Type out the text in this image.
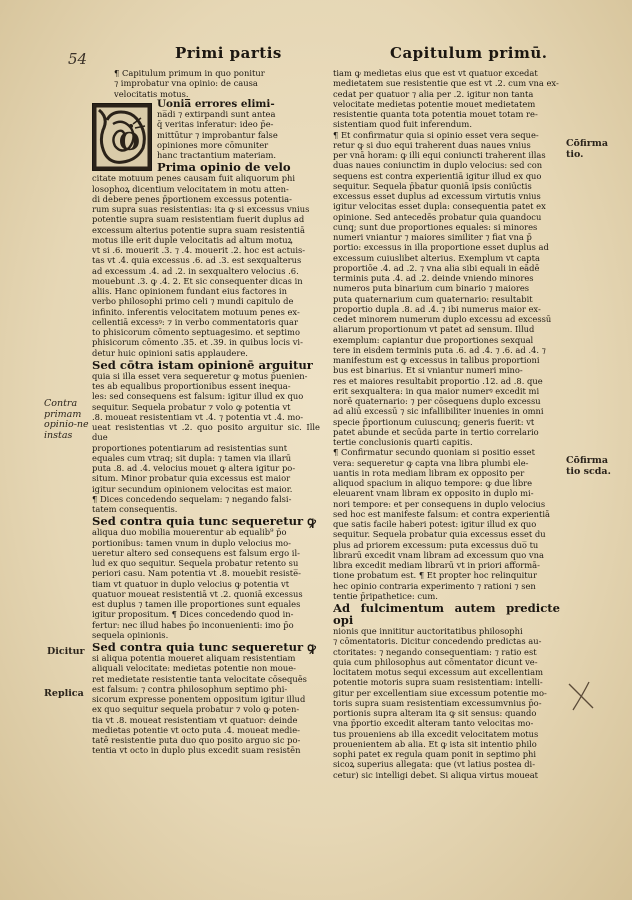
54	Primi partis	Capitulum primū.

¶ Capitulum primum in quo ponitur

⁊ improbatur vna opinio: de causa

velocitatis motus.

O

Uonia̅ errores elimi-

na̅di ⁊ extirpandi sunt antea

q̄ veritas inferatur: ideo p̄e-

mittūtur ⁊ improbantur false

opiniones more cōmuniter

hanc tractantium materiam.

Prima opinio de velo

citate motuum penes causam fuit aliquorum phi

losophoꝝ dicentium velocitatem in motu atten-

di debere penes p̄portionem excessus potentia-

rum supra suas resistentias: ita ꝙ si excessus vnius

potentie supra suam resistentiam fuerit duplus ad

excessum alterius potentie supra suam resistentiā

motus ille erit duple velocitatis ad altum motuꝝ

vt si .6. mouerit .3. ⁊ .4. mouerit .2. hoc est actuis-

tas vt .4. quia excessus .6. ad .3. est sexqualterus

ad excessum .4. ad .2. in sexqualtero velocius .6.

mouebunt .3. ꝙ .4. 2. Et sic consequenter dicas in

aliis. Hanc opinionem fundant eius factores in

verbo philosophi primo celi ⁊ mundi capitulo de

infinito. inferentis velocitatem motuum penes ex-

cellentiā excessꝰ: ⁊ in verbo commentatoris quar

to phisicorum cōmento septuagesimo. et septimo

phisicorum cōmento .35. et .39. in quibus locis vi-

detur huic opinioni satis applaudere.

Sed cōtra istam opinionē arguitur

quia si illa esset vera sequeretur ꝙ motus p̄uenien-

tes ab equalibus proportionibus essent inequa-

les: sed consequens est falsum: igitur illud ex quo

sequitur. Sequela probatur ⁊ volo ꝙ potentia vt

.8. moueat resistentiam vt .4. ⁊ potentia vt .4. mo-

ueat resistentias vt .2. quo posito arguitur sic. Ille due

proportiones potentiarum ad resistentias sunt

equales cum vtraq; sit dupla: ⁊ tamen via illarū

puta .8. ad .4. velocius mouet ꝙ altera igitur po-

situm. Minor probatur quia excessus est maior

igitur secundum opinionem velocitas est maior.

¶ Dices concedendo sequelam: ⁊ negando falsi-

tatem consequentis.

Sed contra quia tunc sequeretur ꝙ

aliqua duo mobilia mouerentur ab equalib⁹ p̄o

portionibus: tamen vnum in duplo velocius mo-

ueretur altero sed consequens est falsum ergo il-

lud ex quo sequitur. Sequela probatur retento su

periori casu. Nam potentia vt .8. mouebit resiste̅-

tiam vt quatuor in duplo velocius ꝙ potentia vt

quatuor moueat resistentiā vt .2. quoniā excessus

est duplus ⁊ tamen ille proportiones sunt equales

igitur propositum. ¶ Dices concedendo quod in-

fertur: nec illud habes p̄o inconuenienti: imo p̄o

sequela opinionis.

Sed contra quia tunc sequeretur ꝙ

si aliqua potentia moueret aliquam resistentiam

aliquali velocitate: medietas potentie non moue-

ret medietate resistentie tanta velocitate cōsequēs

est falsum: ⁊ contra philosophum septimo phi-

sicorum expresse ponentem oppositum igitur illud

ex quo sequitur sequela probatur ⁊ volo ꝙ poten-

tia vt .8. moueat resistentiam vt quatuor: deinde

medietas potentie vt octo puta .4. moueat medie-

tatē resistentie puta duo quo posito arguo sic po-

tentia vt octo in duplo plus excedit suam resistēn

tiam ꝙ medietas eius que est vt quatuor excedat

medietatem sue resistentie que est vt .2. cum vna ex-

cedat per quatuor ⁊ alia per .2. igitur non tanta

velocitate medietas potentie mouet medietatem

resistentie quanta tota potentia mouet totam re-

sistentiam quod fuit inferendum.

¶ Et confirmatur quia si opinio esset vera seque-

retur ꝙ si duo equi traherent duas naues vnius

per vnā horam: ꝙ illi equi coniuncti traherent illas

duas naues coniunctim in duplo velocius: sed con

sequens est contra experientiā igitur illud ex quo

sequitur. Sequela p̄batur quoniā ipsis coniūctis

excessus esset duplus ad excessum virtutis vnius

igitur velocitas esset dupla: consequentia patet ex

opinione. Sed antecedēs probatur quia quandocu

cunq; sunt due proportiones equales: si minores

numeri vniantur ⁊ maiores similiter ⁊ fiat vna p̄

portio: excessus in illa proportione esset duplus ad

excessum cuiuslibet alterius. Exemplum vt capta

proportiōe .4. ad .2. ⁊ vna alia sibi equali in eādē

terminis puta .4. ad .2. deinde vniendo minores

numeros puta binarium cum binario ⁊ maiores

puta quaternarium cum quaternario: resultabit

proportio dupla .8. ad .4. ⁊ ibi numerus maior ex-

cedet minorem numerum duplo excessu ad excessū

aliarum proportionum vt patet ad sensum. Illud

exemplum: capiantur due proportiones sexqual

tere in eisdem terminis puta .6. ad .4. ⁊ .6. ad .4. ⁊

manifestum est ꝙ excessus in talibus proportioni

bus est binarius. Et si vniantur numeri mino-

res et maiores resultabit proportio .12. ad .8. que

erit sexqualtera: in qua maior numerꝰ excedit mi

norē quaternario: ⁊ per cōsequens duplo excessu

ad aliū excessū ⁊ sic infallibiliter inuenies in omni

specie p̄portionum cuiuscunq; generis fuerit: vt

patet abunde et secūda parte in tertio correlario

tertie conclusionis quarti capitis.

¶ Confirmatur secundo quoniam si positio esset

vera: sequeretur ꝙ capta vna libra plumbi ele-

uantis in rota mediam libram ex opposito per

aliquod spacium in aliquo tempore: ꝙ due libre

eleuarent vnam libram ex opposito in duplo mi-

nori tempore: et per consequens in duplo velocius

sed hoc est manifeste falsum: et contra experientiā

que satis facile haberi potest: igitur illud ex quo

sequitur. Sequela probatur quia excessus esset du

plus ad priorem excessum: puta excessus duo̅ tu

librarū excedit vnam libram ad excessum quo vna

libra excedit mediam librarū vt in priori afformā-

tione probatum est. ¶ Et propter hoc relinquitur

hec opinio contraria experimento ⁊ rationi ⁊ sen

tentie p̄ripathetice: cum.

Ad fulcimentum autem predicte opi

nionis que innititur auctoritatibus philosophi

⁊ cōmentatoris. Dicitur concedendo predictas au-

ctoritates: ⁊ negando consequentiam: ⁊ ratio est

quia cum philosophus aut cōmentator dicunt ve-

locitatem motus sequi excessum aut excellentiam

potentie motoris supra suam resistentiam: intelli-

gitur per excellentiam siue excessum potentie mo-

toris supra suam resistentiam excessumvnius p̄o-

portionis supra alteram ita ꝙ sit sensus: quando

vna p̄portio excedit alteram tanto velocitas mo-

tus proueniens ab illa excedit velocitatem motus

prouenientem ab alia. Et ꝙ ista sit intentio philo

sophi patet ex regula quam ponit in septimo phi

sicoꝝ superius allegata: que (vt latius postea di-

cetur) sic intelligi debet. Si aliqua virtus moueat

Contra primam opinio-ne instas
Dicitur
Replica
Cōfirma tio.
Cōfirma tio scda.
